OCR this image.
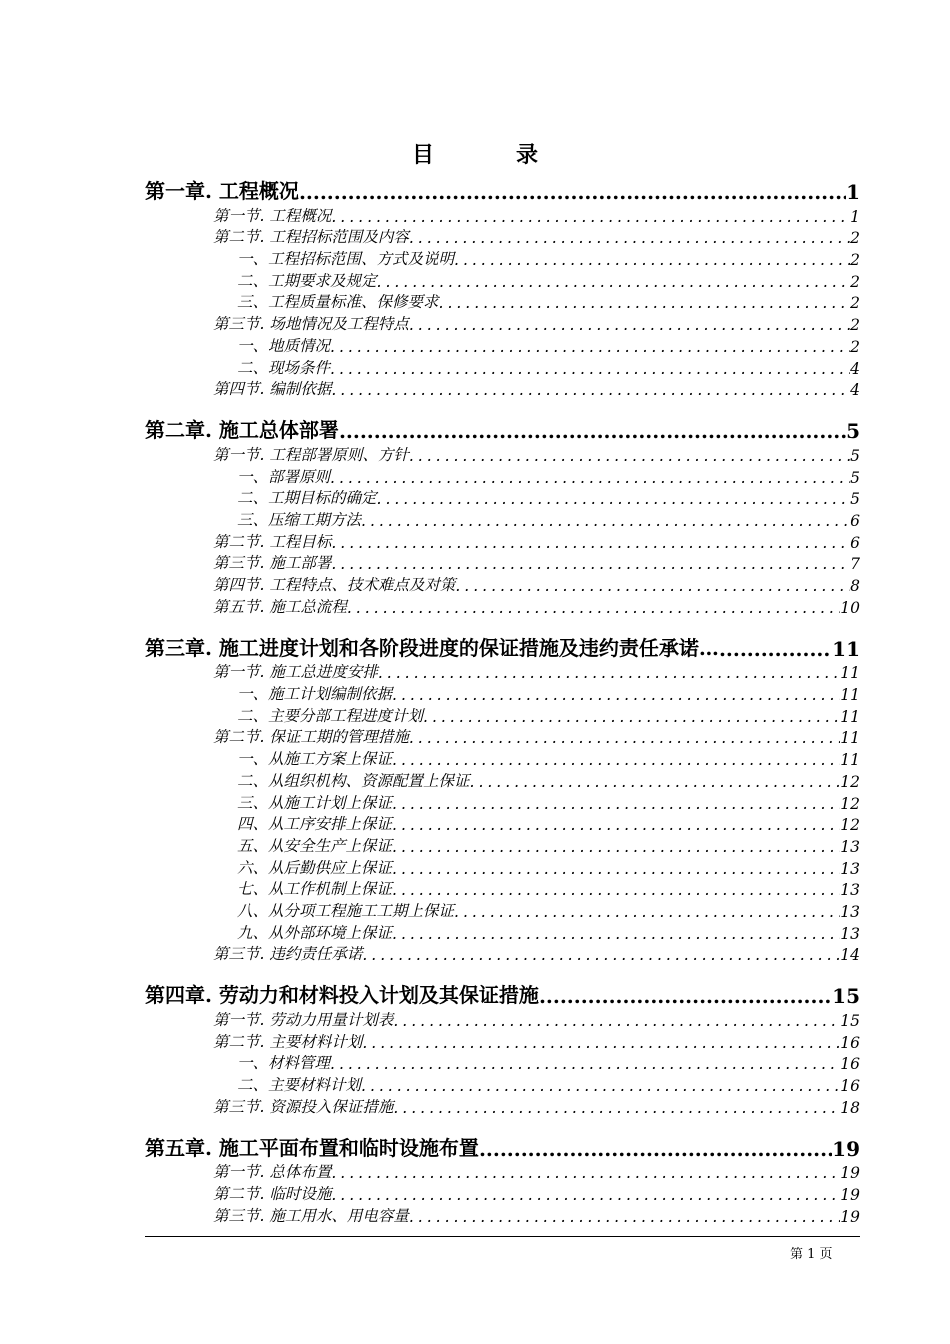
目　录
第一章. 工程概况 .....	1
第一节. 工程概况 .....	1
第二节. 工程招标范围及内容 .....	2
一、工程招标范围、方式及说明 .....	2
二、工期要求及规定 .....	2
三、工程质量标准、保修要求 .....	2
第三节. 场地情况及工程特点 .....	2
一、地质情况 .....	2
二、现场条件 .....	4
第四节. 编制依据 .....	4
第二章. 施工总体部署 .....	5
第一节. 工程部署原则、方针 .....	5
一、部署原则 .....	5
二、工期目标的确定 .....	5
三、压缩工期方法 .....	6
第二节. 工程目标 .....	6
第三节. 施工部署 .....	7
第四节. 工程特点、技术难点及对策 .....	8
第五节. 施工总流程 .....	10
第三章. 施工进度计划和各阶段进度的保证措施及违约责任承诺… .....	11
第一节. 施工总进度安排 .....	11
一、施工计划编制依据 .....	11
二、主要分部工程进度计划 .....	11
第二节. 保证工期的管理措施 .....	11
一、从施工方案上保证 .....	11
二、从组织机构、资源配置上保证 .....	12
三、从施工计划上保证 .....	12
四、从工序安排上保证 .....	12
五、从安全生产上保证 .....	13
六、从后勤供应上保证 .....	13
七、从工作机制上保证 .....	13
八、从分项工程施工工期上保证 .....	13
九、从外部环境上保证 .....	13
第三节. 违约责任承诺 .....	14
第四章. 劳动力和材料投入计划及其保证措施 .....	15
第一节. 劳动力用量计划表 .....	15
第二节. 主要材料计划 .....	16
一、材料管理 .....	16
二、主要材料计划 .....	16
第三节. 资源投入保证措施 .....	18
第五章. 施工平面布置和临时设施布置 .....	19
第一节. 总体布置 .....	19
第二节. 临时设施 .....	19
第三节. 施工用水、用电容量 .....	19
第 1 页
